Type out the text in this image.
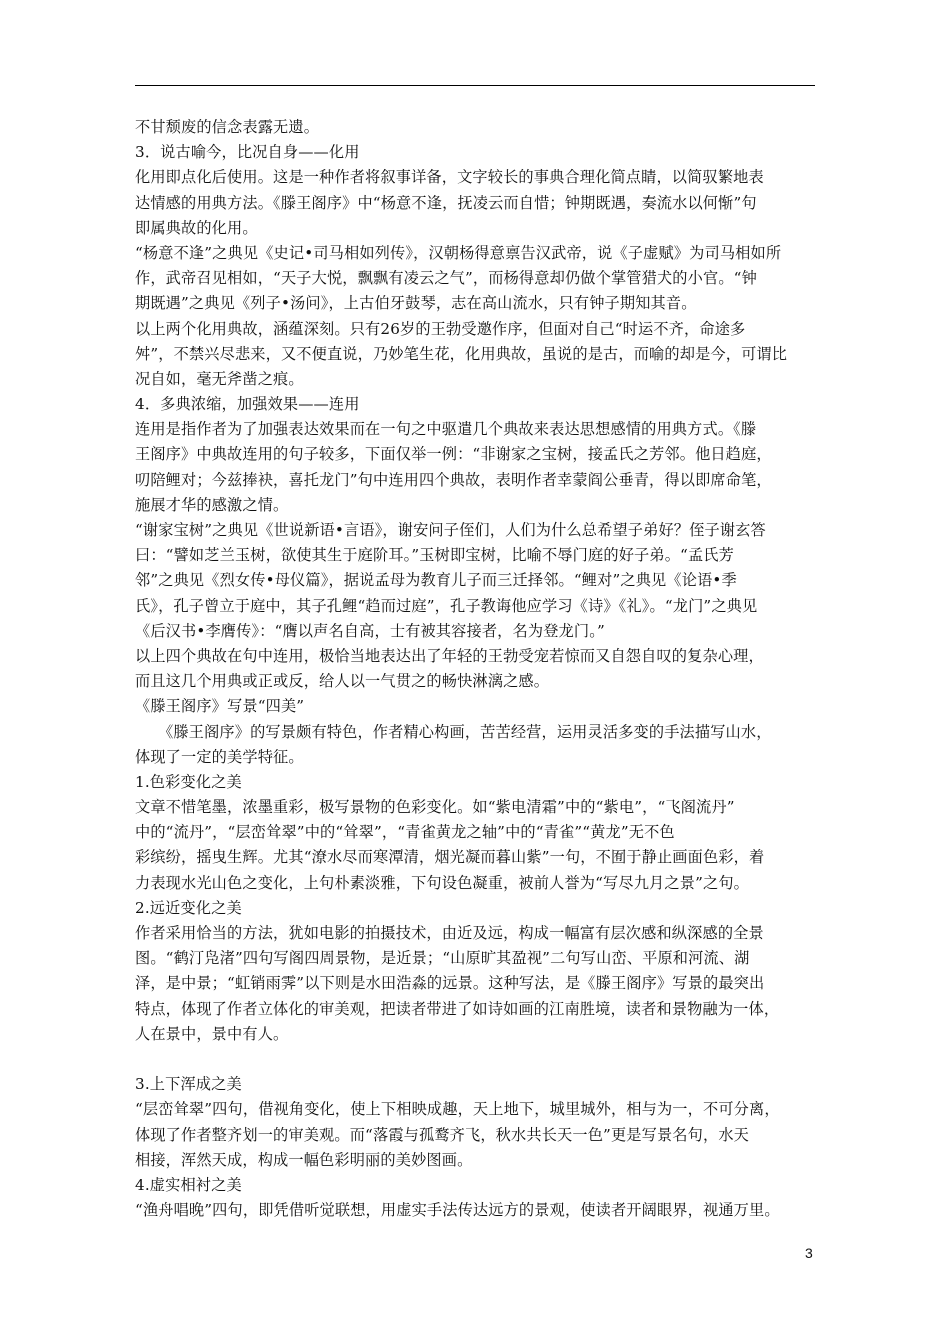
不甘颓废的信念表露无遗。
3．说古喻今，比况自身——化用
化用即点化后使用。这是一种作者将叙事详备，文字较长的事典合理化简点睛，以简驭繁地表
达情感的用典方法。《滕王阁序》中“杨意不逢，抚凌云而自惜；钟期既遇，奏流水以何惭”句
即属典故的化用。
“杨意不逢”之典见《史记•司马相如列传》，汉朝杨得意禀告汉武帝，说《子虚赋》为司马相如所
作，武帝召见相如，“天子大悦，飘飘有凌云之气”，而杨得意却仍做个掌管猎犬的小官。“钟
期既遇”之典见《列子•汤问》，上古伯牙鼓琴，志在高山流水，只有钟子期知其音。
以上两个化用典故，涵蕴深刻。只有26岁的王勃受邀作序，但面对自己“时运不齐，命途多
舛”，不禁兴尽悲来，又不便直说，乃妙笔生花，化用典故，虽说的是古，而喻的却是今，可谓比
况自如，毫无斧凿之痕。
4．多典浓缩，加强效果——连用
连用是指作者为了加强表达效果而在一句之中驱遣几个典故来表达思想感情的用典方式。《滕
王阁序》中典故连用的句子较多，下面仅举一例：“非谢家之宝树，接孟氏之芳邻。他日趋庭，
叨陪鲤对；今兹捧袂，喜托龙门”句中连用四个典故，表明作者幸蒙阎公垂青，得以即席命笔，
施展才华的感激之情。
“谢家宝树”之典见《世说新语•言语》，谢安问子侄们，人们为什么总希望子弟好？侄子谢玄答
曰：“譬如芝兰玉树，欲使其生于庭阶耳。”玉树即宝树，比喻不辱门庭的好子弟。“孟氏芳
邻”之典见《烈女传•母仪篇》，据说孟母为教育儿子而三迁择邻。“鲤对”之典见《论语•季
氏》，孔子曾立于庭中，其子孔鲤“趋而过庭”，孔子教诲他应学习《诗》《礼》。“龙门”之典见
《后汉书•李膺传》：“膺以声名自高，士有被其容接者，名为登龙门。”
以上四个典故在句中连用，极恰当地表达出了年轻的王勃受宠若惊而又自怨自叹的复杂心理，
而且这几个用典或正或反，给人以一气贯之的畅快淋漓之感。
《滕王阁序》写景“四美”
　　《滕王阁序》的写景颇有特色，作者精心构画，苦苦经营，运用灵活多变的手法描写山水，
体现了一定的美学特征。
1.色彩变化之美
文章不惜笔墨，浓墨重彩，极写景物的色彩变化。如“紫电清霜”中的“紫电”，“飞阁流丹”
中的“流丹”，“层峦耸翠”中的“耸翠”，“青雀黄龙之轴”中的“青雀”“黄龙”无不色
彩缤纷，摇曳生辉。尤其“潦水尽而寒潭清，烟光凝而暮山紫”一句，不囿于静止画面色彩，着
力表现水光山色之变化，上句朴素淡雅，下句设色凝重，被前人誉为“写尽九月之景”之句。
2.远近变化之美
作者采用恰当的方法，犹如电影的拍摄技术，由近及远，构成一幅富有层次感和纵深感的全景
图。“鹤汀凫渚”四句写阁四周景物，是近景；“山原旷其盈视”二句写山峦、平原和河流、湖
泽，是中景；“虹销雨霁”以下则是水田浩淼的远景。这种写法，是《滕王阁序》写景的最突出
特点，体现了作者立体化的审美观，把读者带进了如诗如画的江南胜境，读者和景物融为一体，
人在景中，景中有人。
3.上下浑成之美
“层峦耸翠”四句，借视角变化，使上下相映成趣，天上地下，城里城外，相与为一，不可分离，
体现了作者整齐划一的审美观。而“落霞与孤鹜齐飞，秋水共长天一色”更是写景名句，水天
相接，浑然天成，构成一幅色彩明丽的美妙图画。
4.虚实相衬之美
“渔舟唱晚”四句，即凭借听觉联想，用虚实手法传达远方的景观，使读者开阔眼界，视通万里。
3
